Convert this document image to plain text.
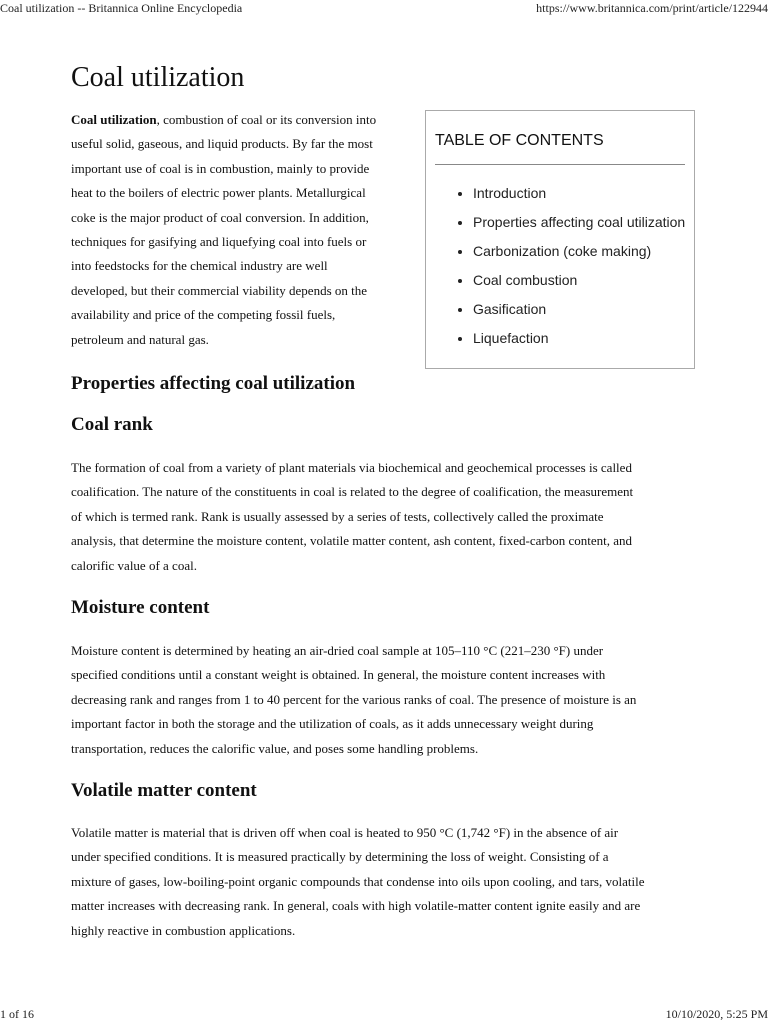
Coal utilization -- Britannica Online Encyclopedia	https://www.britannica.com/print/article/122944
Coal utilization
Coal utilization, combustion of coal or its conversion into
useful solid, gaseous, and liquid products. By far the most
important use of coal is in combustion, mainly to provide
heat to the boilers of electric power plants. Metallurgical
coke is the major product of coal conversion. In addition,
techniques for gasifying and liquefying coal into fuels or
into feedstocks for the chemical industry are well
developed, but their commercial viability depends on the
availability and price of the competing fossil fuels,
petroleum and natural gas.
TABLE OF CONTENTS
• Introduction
• Properties affecting coal utilization
• Carbonization (coke making)
• Coal combustion
• Gasification
• Liquefaction
Properties affecting coal utilization
Coal rank
The formation of coal from a variety of plant materials via biochemical and geochemical processes is called
coalification. The nature of the constituents in coal is related to the degree of coalification, the measurement
of which is termed rank. Rank is usually assessed by a series of tests, collectively called the proximate
analysis, that determine the moisture content, volatile matter content, ash content, fixed-carbon content, and
calorific value of a coal.
Moisture content
Moisture content is determined by heating an air-dried coal sample at 105–110 °C (221–230 °F) under
specified conditions until a constant weight is obtained. In general, the moisture content increases with
decreasing rank and ranges from 1 to 40 percent for the various ranks of coal. The presence of moisture is an
important factor in both the storage and the utilization of coals, as it adds unnecessary weight during
transportation, reduces the calorific value, and poses some handling problems.
Volatile matter content
Volatile matter is material that is driven off when coal is heated to 950 °C (1,742 °F) in the absence of air
under specified conditions. It is measured practically by determining the loss of weight. Consisting of a
mixture of gases, low-boiling-point organic compounds that condense into oils upon cooling, and tars, volatile
matter increases with decreasing rank. In general, coals with high volatile-matter content ignite easily and are
highly reactive in combustion applications.
1 of 16	10/10/2020, 5:25 PM
